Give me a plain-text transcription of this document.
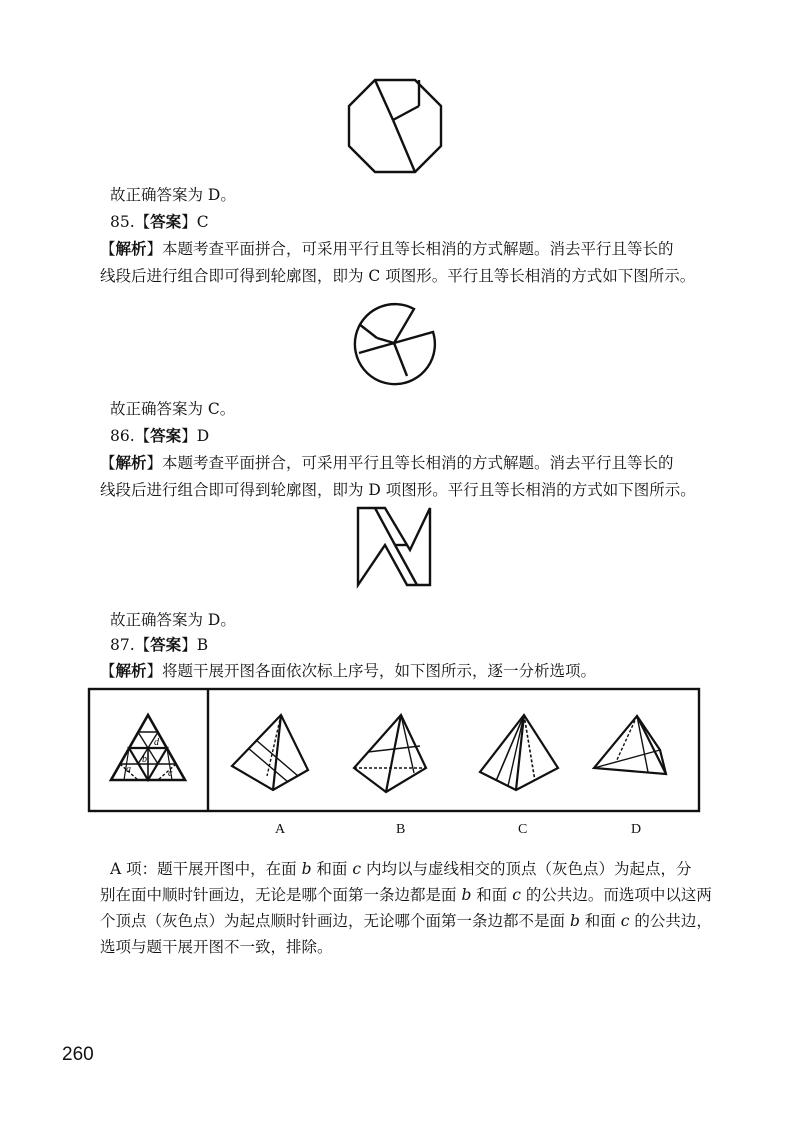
故正确答案为 D。
85.【答案】C
【解析】本题考查平面拼合，可采用平行且等长相消的方式解题。消去平行且等长的
线段后进行组合即可得到轮廓图，即为 C 项图形。平行且等长相消的方式如下图所示。
故正确答案为 C。
86.【答案】D
【解析】本题考查平面拼合，可采用平行且等长相消的方式解题。消去平行且等长的
线段后进行组合即可得到轮廓图，即为 D 项图形。平行且等长相消的方式如下图所示。
故正确答案为 D。
87.【答案】B
【解析】将题干展开图各面依次标上序号，如下图所示，逐一分析选项。
d
b
a	c
A	B	C	D
A 项：题干展开图中，在面 b 和面 c 内均以与虚线相交的顶点（灰色点）为起点，分
别在面中顺时针画边，无论是哪个面第一条边都是面 b 和面 c 的公共边。而选项中以这两
个顶点（灰色点）为起点顺时针画边，无论哪个面第一条边都不是面 b 和面 c 的公共边，
选项与题干展开图不一致，排除。
260
